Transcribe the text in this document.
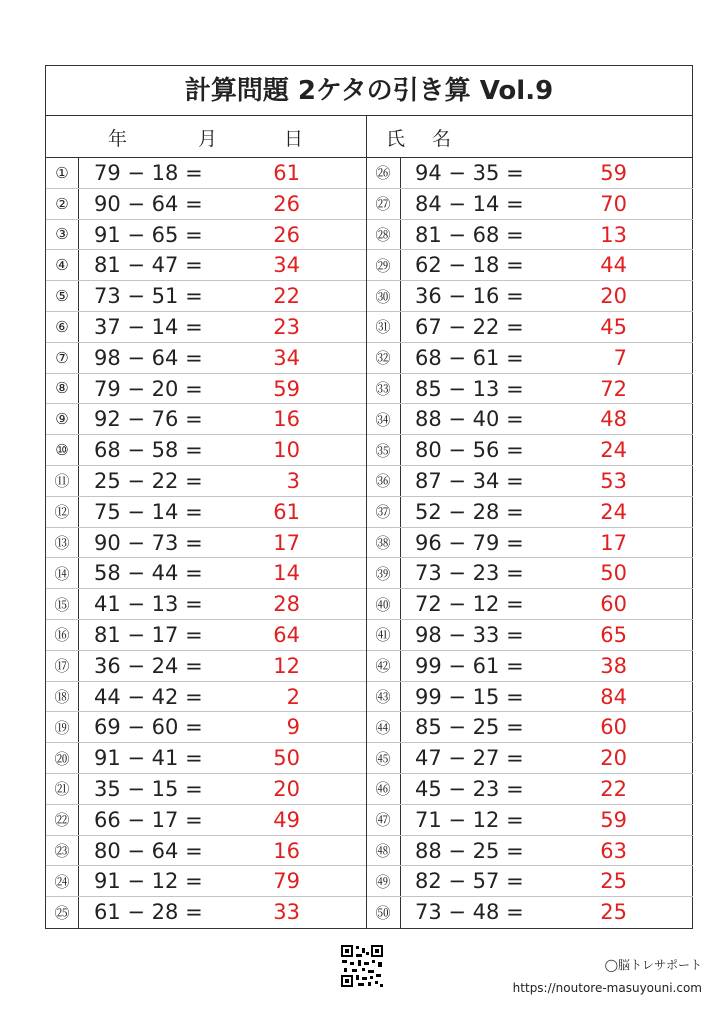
計算問題 2ケタの引き算 Vol.9
年	月	日	氏 名
①	79 − 18 =	61
②	90 − 64 =	26
③	91 − 65 =	26
④	81 − 47 =	34
⑤	73 − 51 =	22
⑥	37 − 14 =	23
⑦	98 − 64 =	34
⑧	79 − 20 =	59
⑨	92 − 76 =	16
⑩	68 − 58 =	10
⑪	25 − 22 =	3
⑫	75 − 14 =	61
⑬	90 − 73 =	17
⑭	58 − 44 =	14
⑮	41 − 13 =	28
⑯	81 − 17 =	64
⑰	36 − 24 =	12
⑱	44 − 42 =	2
⑲	69 − 60 =	9
⑳	91 − 41 =	50
㉑	35 − 15 =	20
㉒	66 − 17 =	49
㉓	80 − 64 =	16
㉔	91 − 12 =	79
㉕	61 − 28 =	33
㉖	94 − 35 =	59
㉗	84 − 14 =	70
㉘	81 − 68 =	13
㉙	62 − 18 =	44
㉚	36 − 16 =	20
㉛	67 − 22 =	45
㉜	68 − 61 =	7
㉝	85 − 13 =	72
㉞	88 − 40 =	48
㉟	80 − 56 =	24
㊱	87 − 34 =	53
㊲	52 − 28 =	24
㊳	96 − 79 =	17
㊴	73 − 23 =	50
㊵	72 − 12 =	60
㊶	98 − 33 =	65
㊷	99 − 61 =	38
㊸	99 − 15 =	84
㊹	85 − 25 =	60
㊺	47 − 27 =	20
㊻	45 − 23 =	22
㊼	71 − 12 =	59
㊽	88 − 25 =	63
㊾	82 − 57 =	25
㊿	73 − 48 =	25
◯脳トレサポート
https://noutore-masuyouni.com
